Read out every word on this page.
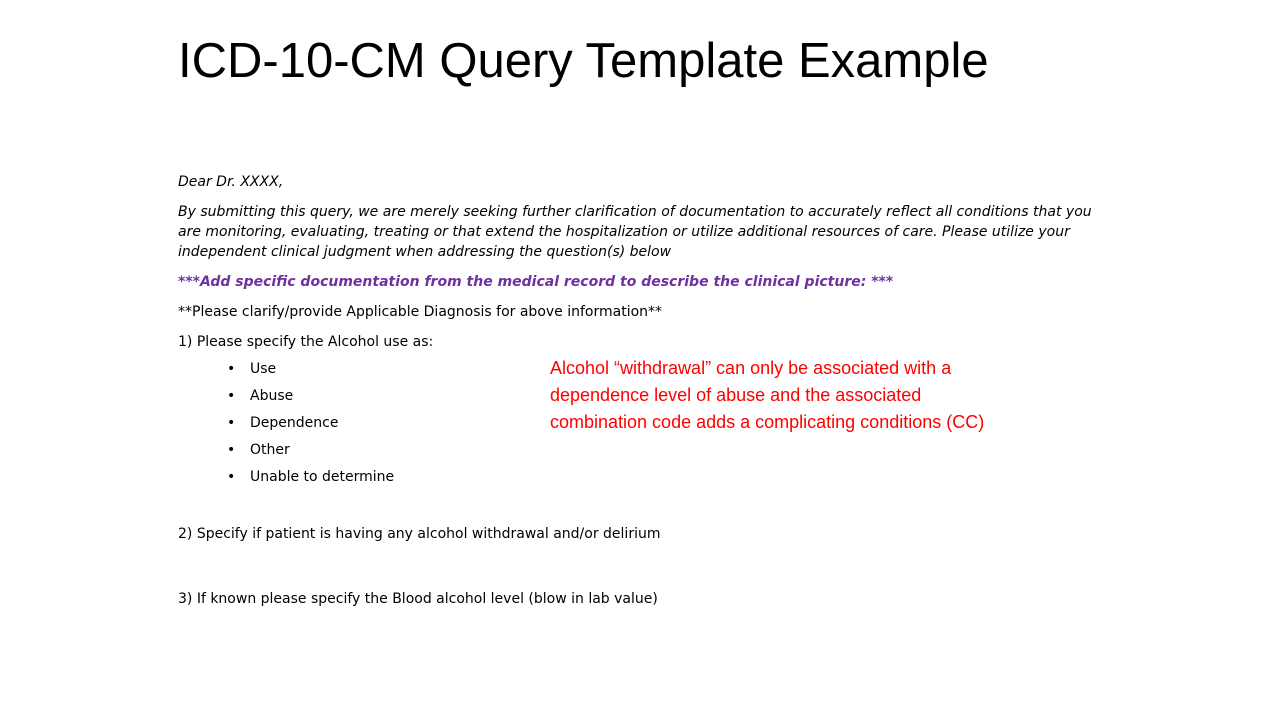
ICD-10-CM Query Template Example

Dear Dr. XXXX,

By submitting this query, we are merely seeking further clarification of documentation to accurately reflect all conditions that you are monitoring, evaluating, treating or that extend the hospitalization or utilize additional resources of care. Please utilize your independent clinical judgment when addressing the question(s) below

***Add specific documentation from the medical record to describe the clinical picture: ***

**Please clarify/provide Applicable Diagnosis for above information**

1) Please specify the Alcohol use as:

• Use
• Abuse
• Dependence
• Other
• Unable to determine

2) Specify if patient is having any alcohol withdrawal and/or delirium

3) If known please specify the Blood alcohol level (blow in lab value)

Alcohol “withdrawal” can only be associated with a dependence level of abuse and the associated combination code adds a complicating conditions (CC)
